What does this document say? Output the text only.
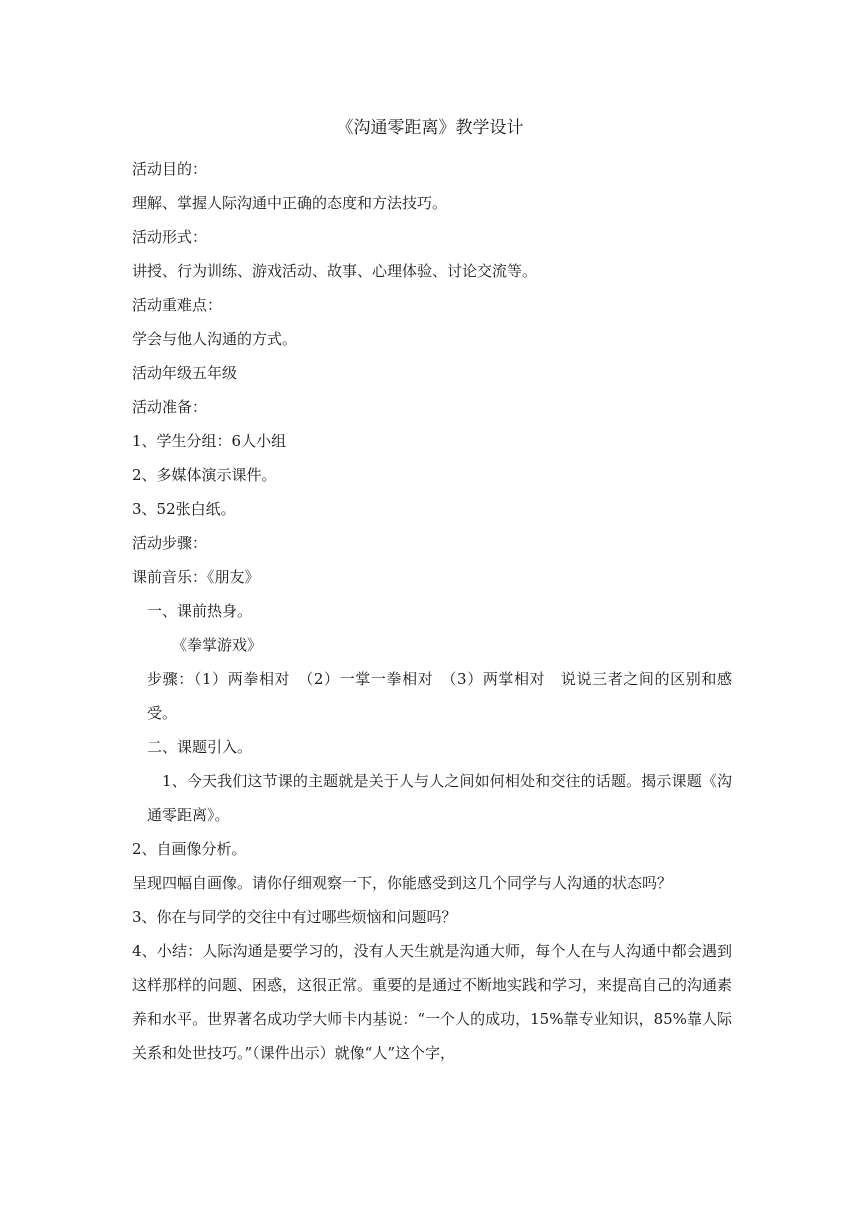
《沟通零距离》教学设计

活动目的：

理解、掌握人际沟通中正确的态度和方法技巧。

活动形式：

讲授、行为训练、游戏活动、故事、心理体验、讨论交流等。

活动重难点：

学会与他人沟通的方式。

活动年级五年级

活动准备：

1、学生分组：6人小组

2、多媒体演示课件。

3、52张白纸。

活动步骤：

课前音乐：《朋友》

一、课前热身。

《拳掌游戏》

步骤：（1）两拳相对　（2）一掌一拳相对　（3）两掌相对　说说三者之间的区别和感受。

二、课题引入。

1、今天我们这节课的主题就是关于人与人之间如何相处和交往的话题。揭示课题《沟通零距离》。

2、自画像分析。

呈现四幅自画像。请你仔细观察一下，你能感受到这几个同学与人沟通的状态吗？

3、你在与同学的交往中有过哪些烦恼和问题吗？

4、小结：人际沟通是要学习的，没有人天生就是沟通大师，每个人在与人沟通中都会遇到这样那样的问题、困惑，这很正常。重要的是通过不断地实践和学习，来提高自己的沟通素养和水平。世界著名成功学大师卡内基说：“一个人的成功，15%靠专业知识，85%靠人际关系和处世技巧。”（课件出示）就像“人”这个字，
